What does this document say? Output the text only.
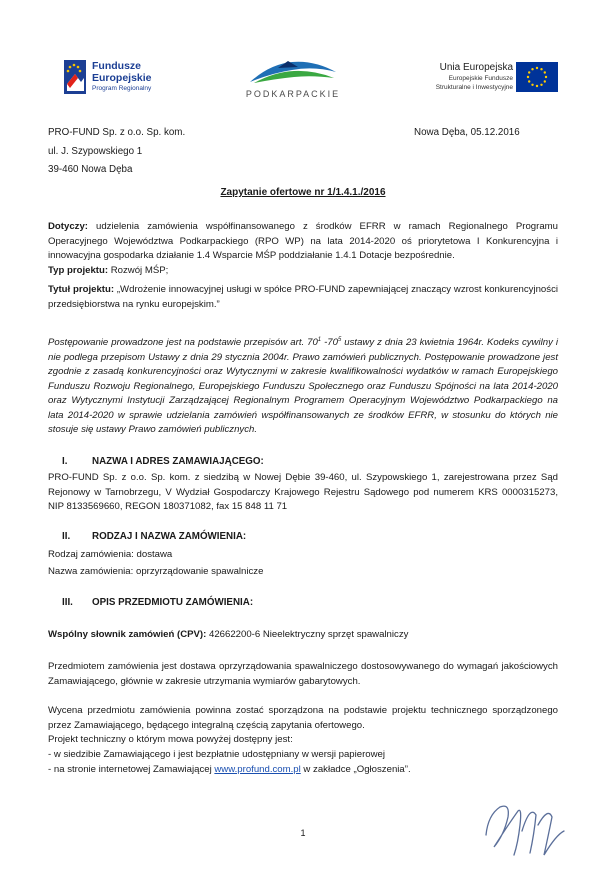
Fundusze
Europejskie
Program Regionalny
PODKARPACKIE
Unia Europejska
Europejskie Fundusze
Strukturalne i Inwestycyjne
PRO-FUND Sp. z o.o. Sp. kom.
ul. J. Szypowskiego 1
39-460 Nowa Dęba
Nowa Dęba, 05.12.2016
Zapytanie ofertowe nr 1/1.4.1./2016
Dotyczy: udzielenia zamówienia współfinansowanego z środków EFRR w ramach Regionalnego Programu Operacyjnego Województwa Podkarpackiego (RPO WP) na lata 2014-2020 oś priorytetowa I Konkurencyjna i innowacyjna gospodarka działanie 1.4 Wsparcie MŚP poddziałanie 1.4.1 Dotacje bezpośrednie.
Typ projektu: Rozwój MŚP;
Tytuł projektu: „Wdrożenie innowacyjnej usługi w spółce PRO-FUND zapewniającej znaczący wzrost konkurencyjności przedsiębiorstwa na rynku europejskim.”
Postępowanie prowadzone jest na podstawie przepisów art. $70^1$ $-70^5$ ustawy z dnia 23 kwietnia 1964r. Kodeks cywilny i nie podlega przepisom Ustawy z dnia 29 stycznia 2004r. Prawo zamówień publicznych. Postępowanie prowadzone jest zgodnie z zasadą konkurencyjności oraz Wytycznymi w zakresie kwalifikowalności wydatków w ramach Europejskiego Funduszu Rozwoju Regionalnego, Europejskiego Funduszu Społecznego oraz Funduszu Spójności na lata 2014-2020 oraz Wytycznymi Instytucji Zarządzającej Regionalnym Programem Operacyjnym Województwo Podkarpackiego na lata 2014-2020 w sprawie udzielania zamówień współfinansowanych ze środków EFRR, w stosunku do których nie stosuje się ustawy Prawo zamówień publicznych.
I.	NAZWA I ADRES ZAMAWIAJĄCEGO:
PRO-FUND Sp. z o.o. Sp. kom. z siedzibą w Nowej Dębie 39-460, ul. Szypowskiego 1, zarejestrowana przez Sąd Rejonowy w Tarnobrzegu, V Wydział Gospodarczy Krajowego Rejestru Sądowego pod numerem KRS 0000315273, NIP 8133569660, REGON 180371082, fax 15 848 11 71
II. RODZAJ I NAZWA ZAMÓWIENIA:
Rodzaj zamówienia: dostawa
Nazwa zamówienia: oprzyrządowanie spawalnicze
III. OPIS PRZEDMIOTU ZAMÓWIENIA:
Wspólny słownik zamówień (CPV): 42662200-6 Nieelektryczny sprzęt spawalniczy
Przedmiotem zamówienia jest dostawa oprzyrządowania spawalniczego dostosowywanego do wymagań jakościowych Zamawiającego, głównie w zakresie utrzymania wymiarów gabarytowych.
Wycena przedmiotu zamówienia powinna zostać sporządzona na podstawie projektu technicznego sporządzonego przez Zamawiającego, będącego integralną częścią zapytania ofertowego.
Projekt techniczny o którym mowa powyżej dostępny jest:
- w siedzibie Zamawiającego i jest bezpłatnie udostępniany w wersji papierowej
- na stronie internetowej Zamawiającej www.profund.com.pl w zakładce „Ogłoszenia”.
1
